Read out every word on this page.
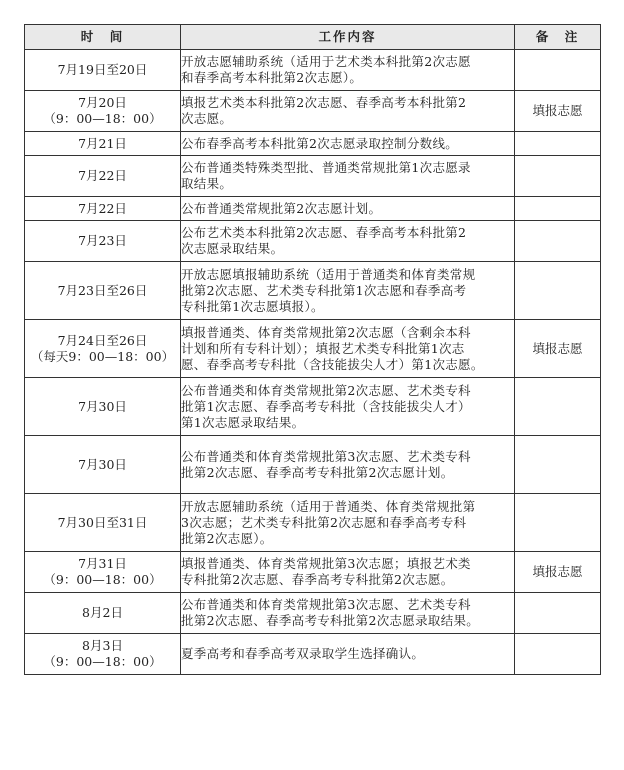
时　间	工作内容	备　注

7月19日至20日	开放志愿辅助系统（适用于艺术类本科批第2次志愿
和春季高考本科批第2次志愿）。	

7月20日
（9：00—18：00）	填报艺术类本科批第2次志愿、春季高考本科批第2
次志愿。	填报志愿

7月21日	公布春季高考本科批第2次志愿录取控制分数线。	

7月22日	公布普通类特殊类型批、普通类常规批第1次志愿录
取结果。	

7月22日	公布普通类常规批第2次志愿计划。	

7月23日	公布艺术类本科批第2次志愿、春季高考本科批第2
次志愿录取结果。	

7月23日至26日	开放志愿填报辅助系统（适用于普通类和体育类常规
批第2次志愿、艺术类专科批第1次志愿和春季高考
专科批第1次志愿填报）。	

7月24日至26日
（每天9：00—18：00）	填报普通类、体育类常规批第2次志愿（含剩余本科
计划和所有专科计划）；填报艺术类专科批第1次志
愿、春季高考专科批（含技能拔尖人才）第1次志愿。	填报志愿

7月30日	公布普通类和体育类常规批第2次志愿、艺术类专科
批第1次志愿、春季高考专科批（含技能拔尖人才）
第1次志愿录取结果。	

7月30日	公布普通类和体育类常规批第3次志愿、艺术类专科
批第2次志愿、春季高考专科批第2次志愿计划。	

7月30日至31日	开放志愿辅助系统（适用于普通类、体育类常规批第
3次志愿；艺术类专科批第2次志愿和春季高考专科
批第2次志愿）。	

7月31日
（9：00—18：00）	填报普通类、体育类常规批第3次志愿；填报艺术类
专科批第2次志愿、春季高考专科批第2次志愿。	填报志愿

8月2日	公布普通类和体育类常规批第3次志愿、艺术类专科
批第2次志愿、春季高考专科批第2次志愿录取结果。	

8月3日
（9：00—18：00）	夏季高考和春季高考双录取学生选择确认。	
